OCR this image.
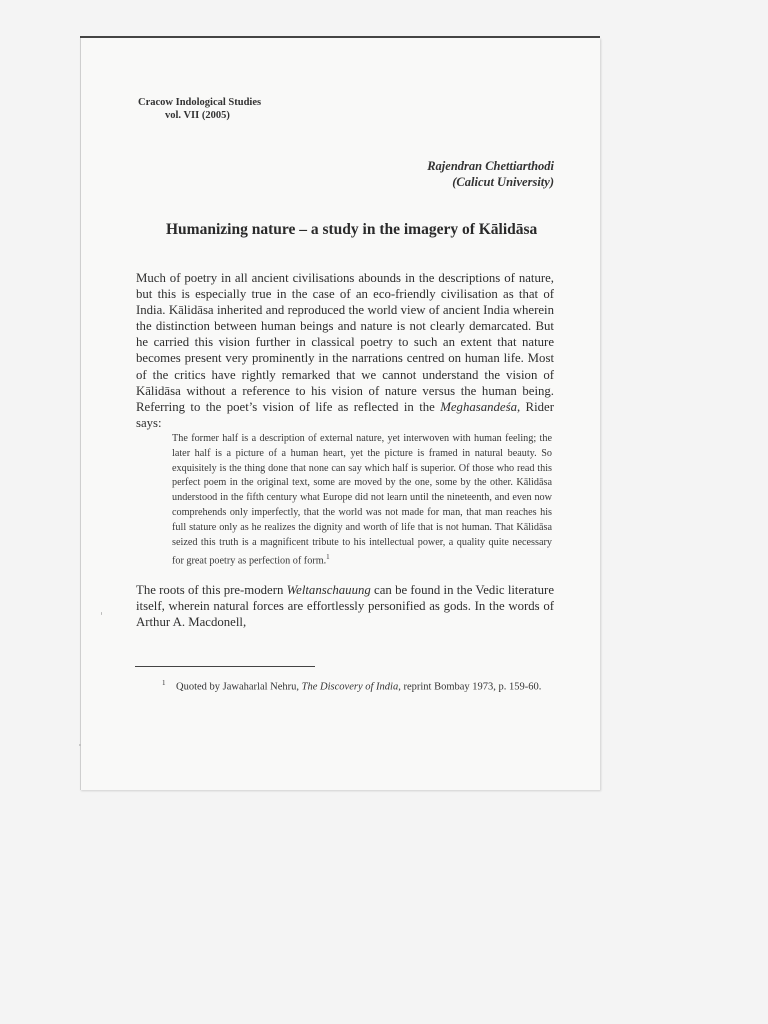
Cracow Indological Studies
vol. VII (2005)
Rajendran Chettiarthodi
(Calicut University)
Humanizing nature – a study in the imagery of Kālidāsa

Much of poetry in all ancient civilisations abounds in the descriptions of nature, but this is especially true in the case of an eco-friendly civilisation as that of India. Kālidāsa inherited and reproduced the world view of ancient India wherein the distinction between human beings and nature is not clearly demarcated. But he carried this vision further in classical poetry to such an extent that nature becomes present very prominently in the narrations centred on human life. Most of the critics have rightly remarked that we cannot understand the vision of Kālidāsa without a reference to his vision of nature versus the human being. Referring to the poet’s vision of life as reflected in the Meghasandeśa, Rider says:

The former half is a description of external nature, yet interwoven with human feeling; the later half is a picture of a human heart, yet the picture is framed in natural beauty. So exquisitely is the thing done that none can say which half is superior. Of those who read this perfect poem in the original text, some are moved by the one, some by the other. Kālidāsa understood in the fifth century what Europe did not learn until the nineteenth, and even now comprehends only imperfectly, that the world was not made for man, that man reaches his full stature only as he realizes the dignity and worth of life that is not human. That Kālidāsa seized this truth is a magnificent tribute to his intellectual power, a quality quite necessary for great poetry as perfection of form.$^1$

The roots of this pre-modern Weltanschauung can be found in the Vedic literature itself, wherein natural forces are effortlessly personified as gods. In the words of Arthur A. Macdonell,

$^1$ Quoted by Jawaharlal Nehru, The Discovery of India, reprint Bombay 1973, p. 159-60.
